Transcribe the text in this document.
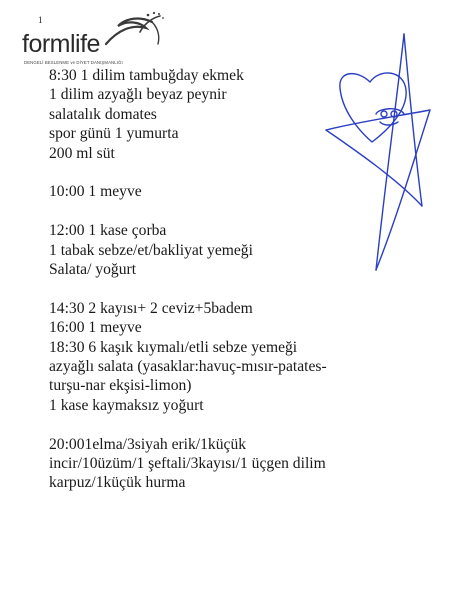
1
formlife
DENGELİ BESLENME ve DİYET DANIŞMANLIĞI
8:30 1 dilim tambuğday ekmek
1 dilim azyağlı beyaz peynir
salatalık domates
spor günü 1 yumurta
200 ml süt
10:00 1 meyve
12:00 1 kase çorba
1 tabak sebze/et/bakliyat yemeği
Salata/ yoğurt
14:30 2 kayısı+ 2 ceviz+5badem
16:00 1 meyve
18:30 6 kaşık kıymalı/etli sebze yemeği
azyağlı salata (yasaklar:havuç-mısır-patates-
turşu-nar ekşisi-limon)
1 kase kaymaksız yoğurt
20:001elma/3siyah erik/1küçük
incir/10üzüm/1 şeftali/3kayısı/1 üçgen dilim
karpuz/1küçük hurma
